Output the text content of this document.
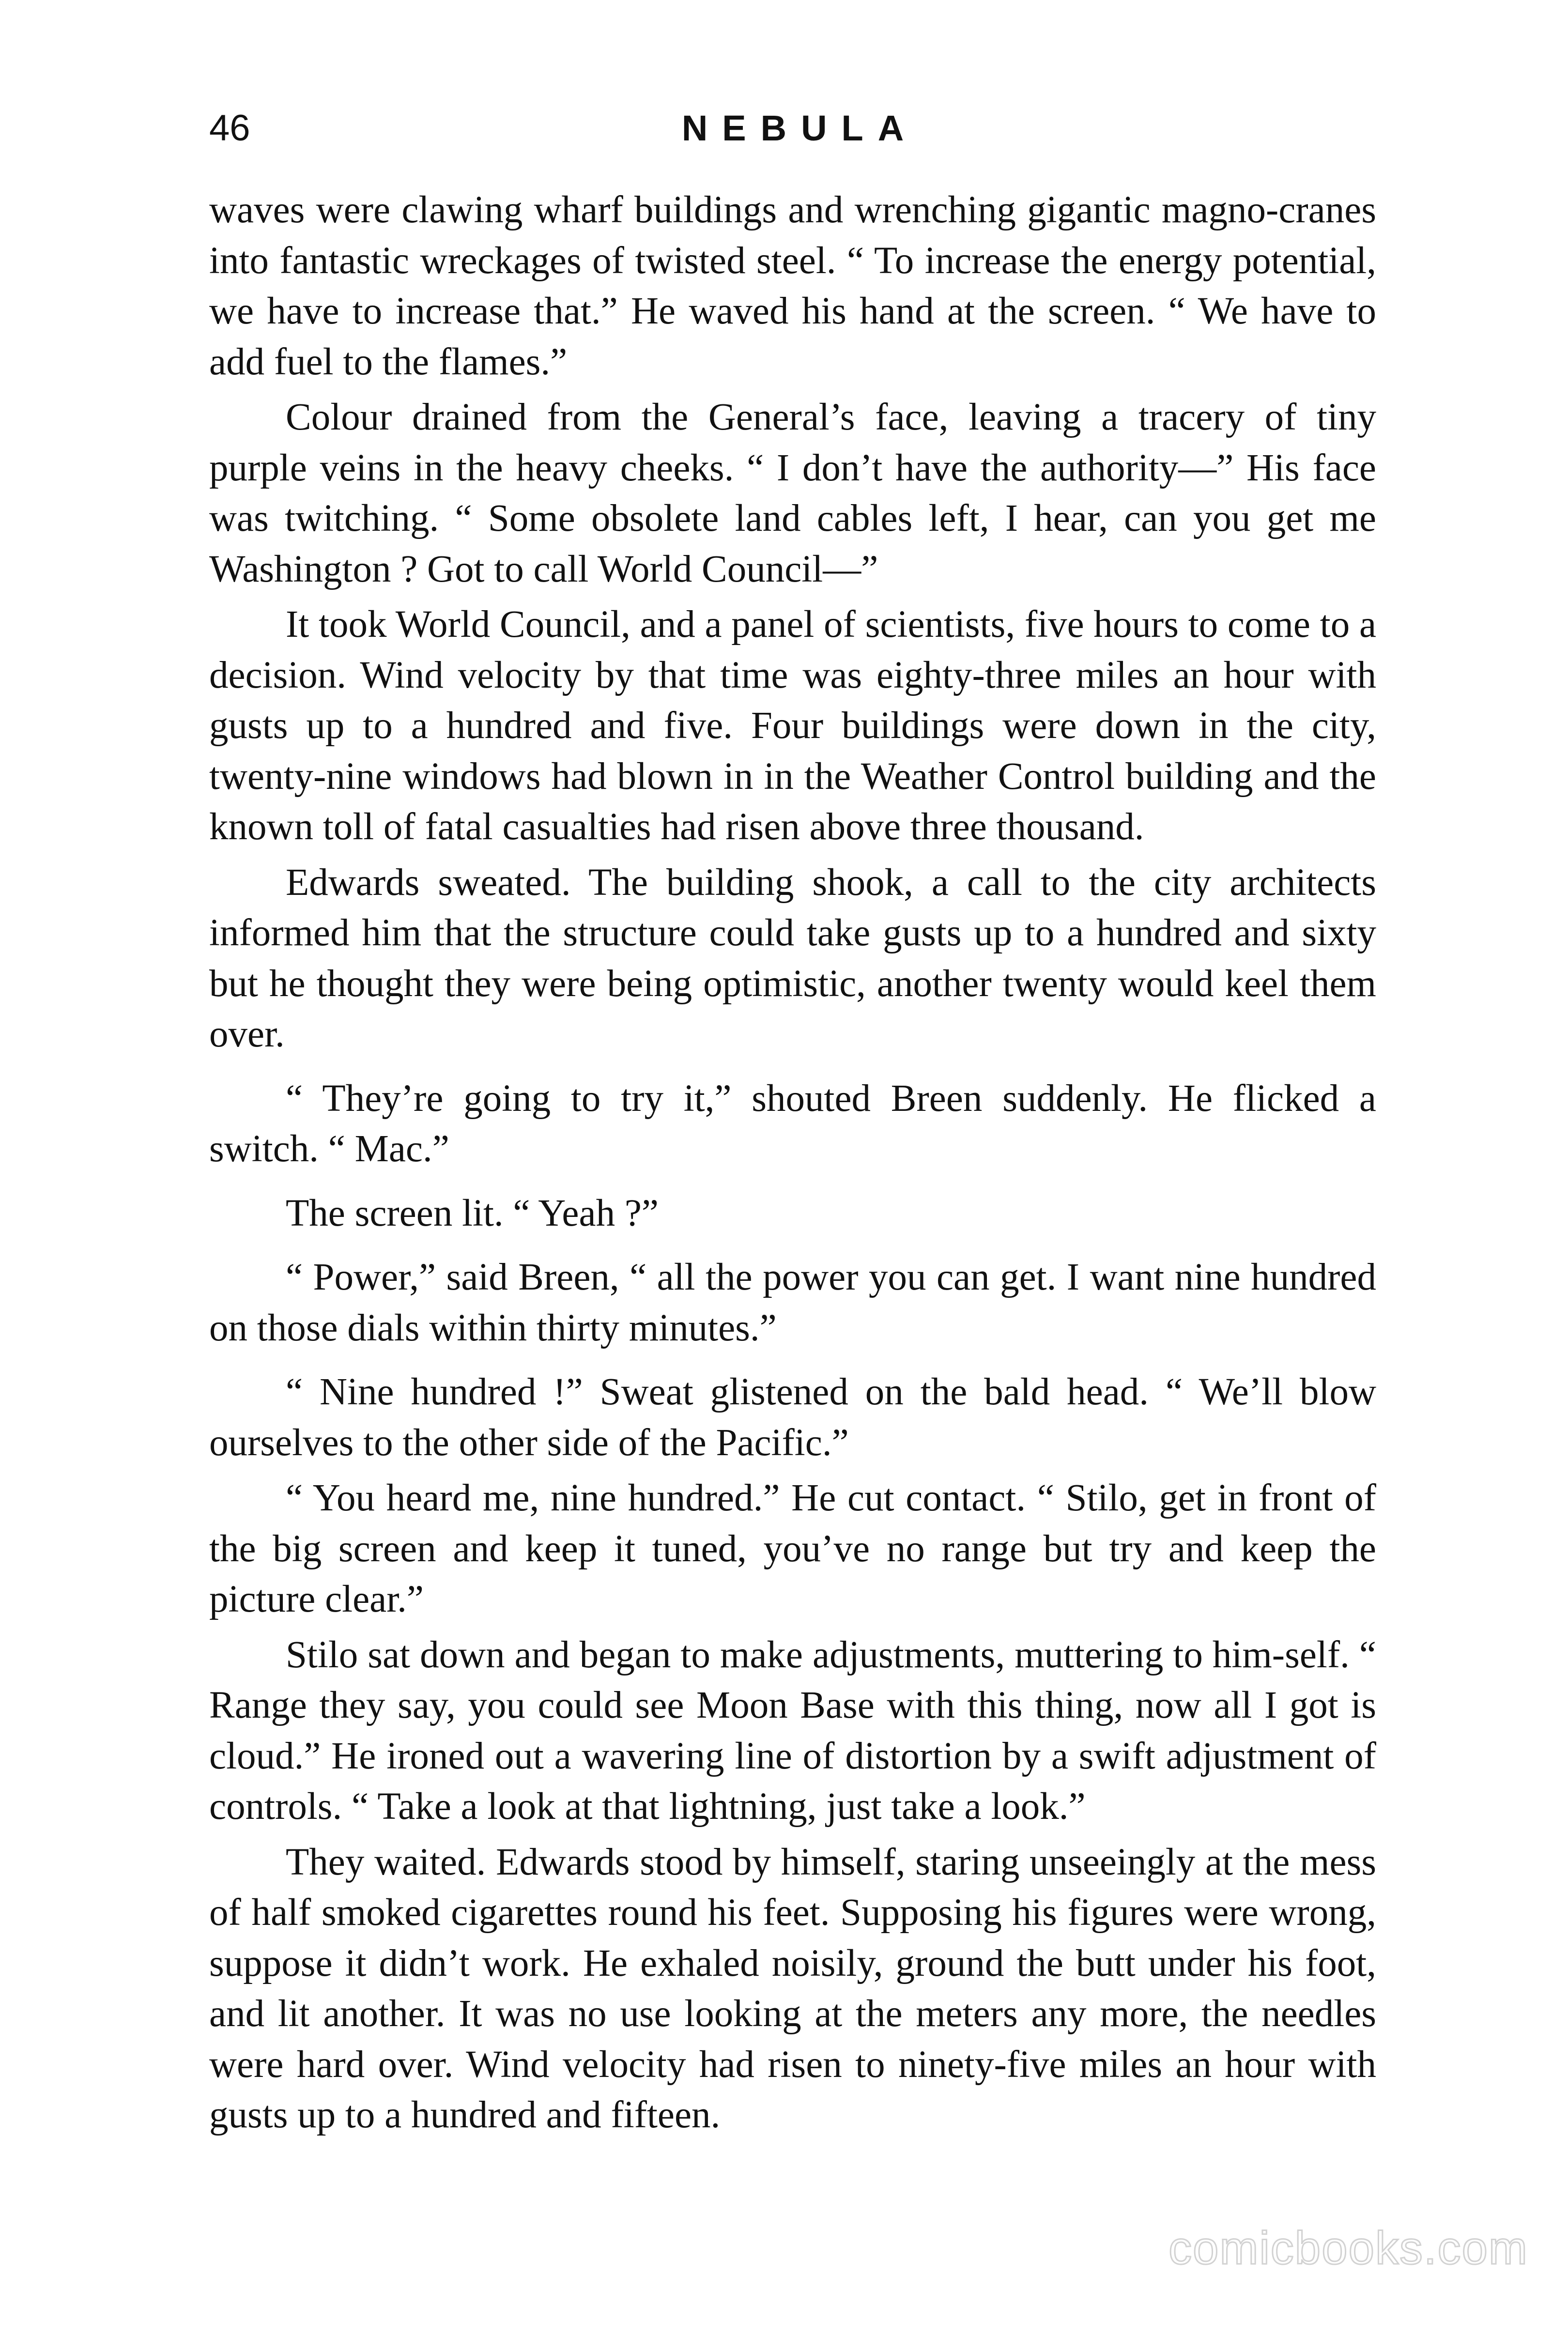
46	NEBULA

waves were clawing wharf buildings and wrenching gigantic magno-cranes into fantastic wreckages of twisted steel. “ To increase the energy potential, we have to increase that.” He waved his hand at the screen. “ We have to add fuel to the flames.”

Colour drained from the General’s face, leaving a tracery of tiny purple veins in the heavy cheeks. “ I don’t have the authority—” His face was twitching. “ Some obsolete land cables left, I hear, can you get me Washington ? Got to call World Council—”

It took World Council, and a panel of scientists, five hours to come to a decision. Wind velocity by that time was eighty-three miles an hour with gusts up to a hundred and five. Four buildings were down in the city, twenty-nine windows had blown in in the Weather Control building and the known toll of fatal casualties had risen above three thousand.

Edwards sweated. The building shook, a call to the city architects informed him that the structure could take gusts up to a hundred and sixty but he thought they were being optimistic, another twenty would keel them over.

“ They’re going to try it,” shouted Breen suddenly. He flicked a switch. “ Mac.”

The screen lit. “ Yeah ?”

“ Power,” said Breen, “ all the power you can get. I want nine hundred on those dials within thirty minutes.”

“ Nine hundred !” Sweat glistened on the bald head. “ We’ll blow ourselves to the other side of the Pacific.”

“ You heard me, nine hundred.” He cut contact. “ Stilo, get in front of the big screen and keep it tuned, you’ve no range but try and keep the picture clear.”

Stilo sat down and began to make adjustments, muttering to him-self. “ Range they say, you could see Moon Base with this thing, now all I got is cloud.” He ironed out a wavering line of distortion by a swift adjustment of controls. “ Take a look at that lightning, just take a look.”

They waited. Edwards stood by himself, staring unseeingly at the mess of half smoked cigarettes round his feet. Supposing his figures were wrong, suppose it didn’t work. He exhaled noisily, ground the butt under his foot, and lit another. It was no use looking at the meters any more, the needles were hard over. Wind velocity had risen to ninety-five miles an hour with gusts up to a hundred and fifteen.

comicbooks.com
